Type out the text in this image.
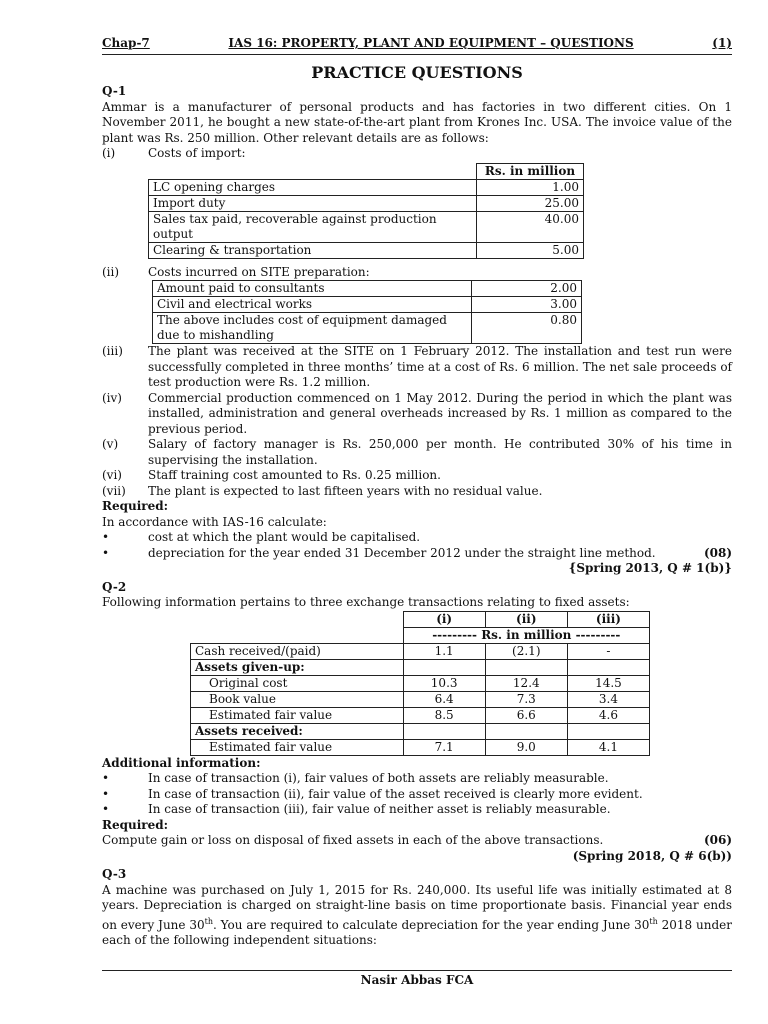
Chap-7	IAS 16: PROPERTY, PLANT AND EQUIPMENT – QUESTIONS	(1)
PRACTICE QUESTIONS
Q-1
Ammar is a manufacturer of personal products and has factories in two different cities. On 1 November 2011, he bought a new state-of-the-art plant from Krones Inc. USA. The invoice value of the plant was Rs. 250 million. Other relevant details are as follows:
(i)	Costs of import:
	Rs. in million
LC opening charges	1.00
Import duty	25.00
Sales tax paid, recoverable against production output	40.00
Clearing & transportation	5.00
(ii)	Costs incurred on SITE preparation:
Amount paid to consultants	2.00
Civil and electrical works	3.00
The above includes cost of equipment damaged due to mishandling	0.80
(iii)	The plant was received at the SITE on 1 February 2012. The installation and test run were successfully completed in three months’ time at a cost of Rs. 6 million. The net sale proceeds of test production were Rs. 1.2 million.
(iv)	Commercial production commenced on 1 May 2012. During the period in which the plant was installed, administration and general overheads increased by Rs. 1 million as compared to the previous period.
(v)	Salary of factory manager is Rs. 250,000 per month. He contributed 30% of his time in supervising the installation.
(vi)	Staff training cost amounted to Rs. 0.25 million.
(vii)	The plant is expected to last fifteen years with no residual value.
Required:
In accordance with IAS-16 calculate:
•	cost at which the plant would be capitalised.
•	depreciation for the year ended 31 December 2012 under the straight line method.	(08)
{Spring 2013, Q # 1(b)}
Q-2
Following information pertains to three exchange transactions relating to fixed assets:
	(i)	(ii)	(iii)
	--------- Rs. in million ---------		
Cash received/(paid)	1.1	(2.1)	-
Assets given-up:			
Original cost	10.3	12.4	14.5
Book value	6.4	7.3	3.4
Estimated fair value	8.5	6.6	4.6
Assets received:			
Estimated fair value	7.1	9.0	4.1
Additional information:
•	In case of transaction (i), fair values of both assets are reliably measurable.
•	In case of transaction (ii), fair value of the asset received is clearly more evident.
•	In case of transaction (iii), fair value of neither asset is reliably measurable.
Required:
Compute gain or loss on disposal of fixed assets in each of the above transactions.	(06)
(Spring 2018, Q # 6(b))
Q-3
A machine was purchased on July 1, 2015 for Rs. 240,000. Its useful life was initially estimated at 8 years. Depreciation is charged on straight-line basis on time proportionate basis. Financial year ends on every June 30th. You are required to calculate depreciation for the year ending June 30th 2018 under each of the following independent situations:
Nasir Abbas FCA
